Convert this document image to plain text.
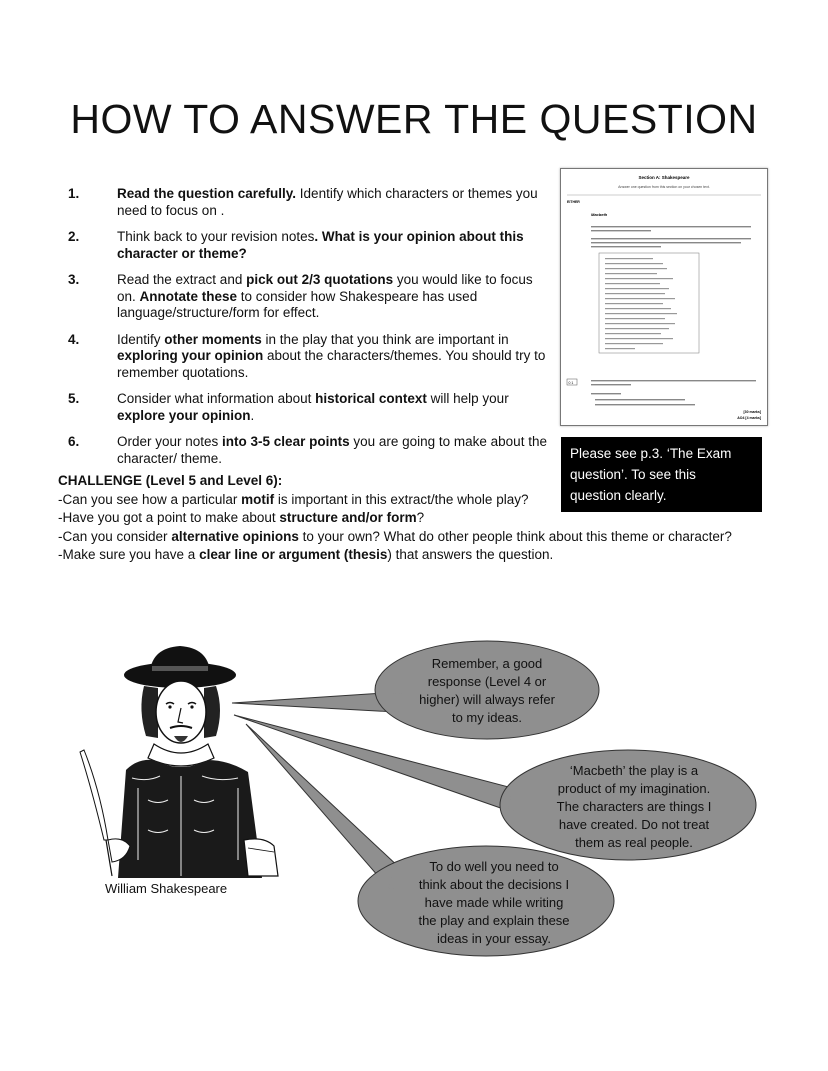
HOW TO ANSWER THE QUESTION
1.	Read the question carefully. Identify which characters or themes you need to focus on .
2.	Think back to your revision notes. What is your opinion about this character or theme?
3.	Read the extract and pick out 2/3 quotations you would like to focus on. Annotate these to consider how Shakespeare has used language/structure/form for effect.
4.	Identify other moments in the play that you think are important in exploring your opinion about the characters/themes. You should try to remember quotations.
5.	Consider what information about historical context will help your explore your opinion.
6.	Order your notes into 3-5 clear points you are going to make about the character/ theme.
CHALLENGE (Level 5 and Level 6):
-Can you see how a particular motif is important in this extract/the whole play?
-Have you got a point to make about structure and/or form?
-Can you consider alternative opinions to your own? What do other people think about this theme or character?
-Make sure you have a clear line or argument (thesis) that answers the question.
Section A: Shakespeare
Answer one question from this section on your chosen text.
EITHER
Macbeth
0 1
[30 marks]
AO4 [4 marks]
Please see p.3. ‘The Exam
question’. To see this
question clearly.
Remember, a good
response (Level 4 or
higher) will always refer
to my ideas.
‘Macbeth’ the play is a
product of my imagination.
The characters are things I
have created. Do not treat
them as real people.
To do well you need to
think about the decisions I
have made while writing
the play and explain these
ideas in your essay.
William Shakespeare
